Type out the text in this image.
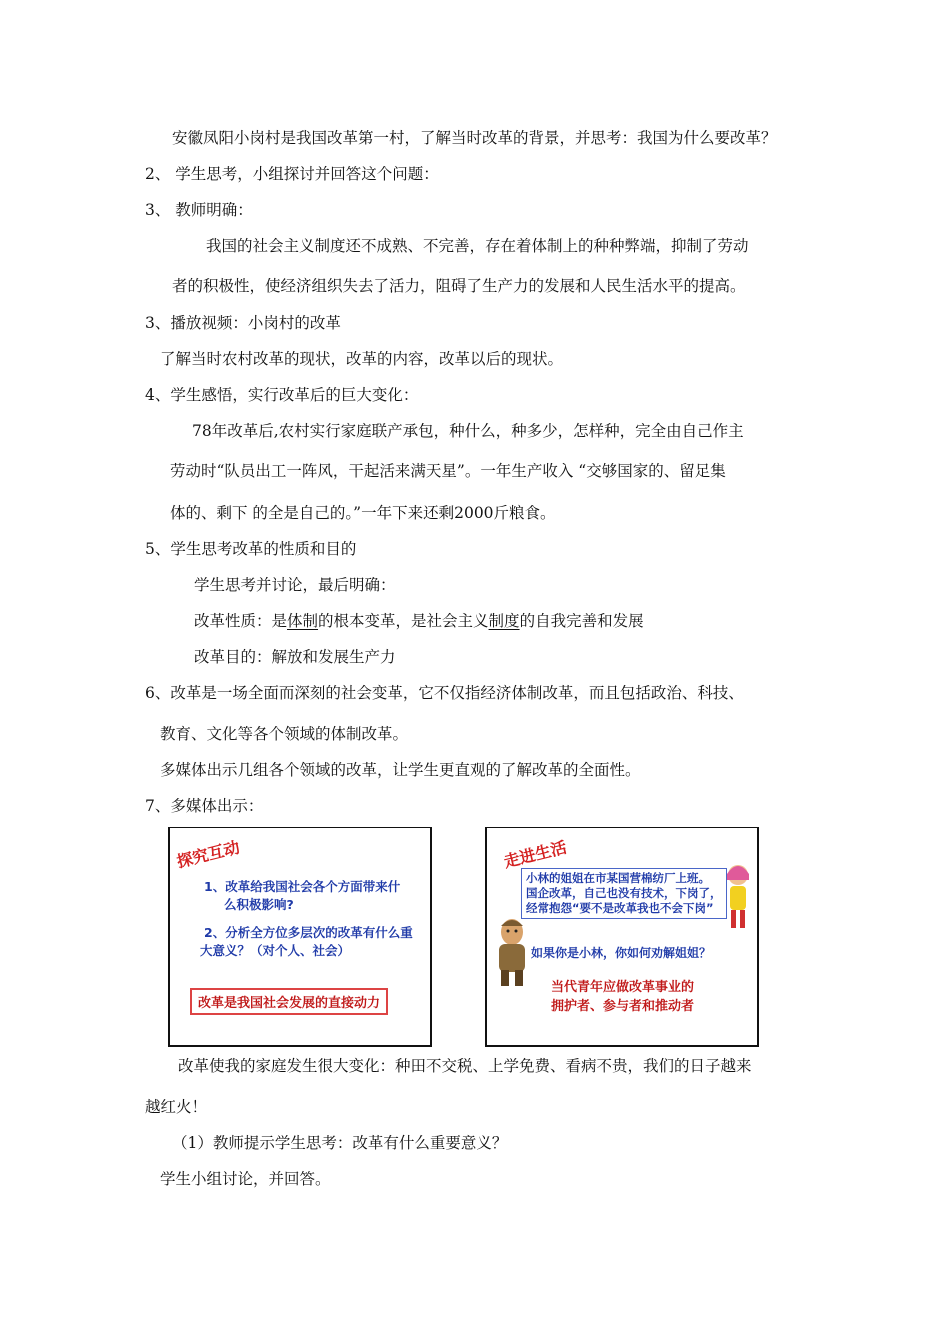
安徽凤阳小岗村是我国改革第一村，了解当时改革的背景，并思考：我国为什么要改革？
2、 学生思考，小组探讨并回答这个问题：
3、 教师明确：
我国的社会主义制度还不成熟、不完善，存在着体制上的种种弊端，抑制了劳动
者的积极性，使经济组织失去了活力，阻碍了生产力的发展和人民生活水平的提高。
3、播放视频：小岗村的改革
了解当时农村改革的现状，改革的内容，改革以后的现状。
4、学生感悟，实行改革后的巨大变化：
78年改革后,农村实行家庭联产承包，种什么，种多少，怎样种，完全由自己作主
劳动时“队员出工一阵风，干起活来满天星”。一年生产收入 “交够国家的、留足集
体的、剩下 的全是自己的。”一年下来还剩2000斤粮食。
5、学生思考改革的性质和目的
学生思考并讨论，最后明确：
改革性质：是体制的根本变革，是社会主义制度的自我完善和发展
改革目的：解放和发展生产力
6、改革是一场全面而深刻的社会变革，它不仅指经济体制改革，而且包括政治、科技、
教育、文化等各个领域的体制改革。
多媒体出示几组各个领域的改革，让学生更直观的了解改革的全面性。
7、多媒体出示：
探究互动
1、改革给我国社会各个方面带来什
么积极影响?
2、分析全方位多层次的改革有什么重
大意义？（对个人、社会）
改革是我国社会发展的直接动力
走进生活
小林的姐姐在市某国营棉纺厂上班。
国企改革，自己也没有技术，下岗了，
经常抱怨“要不是改革我也不会下岗”
如果你是小林，你如何劝解姐姐？
当代青年应做改革事业的
拥护者、参与者和推动者
改革使我的家庭发生很大变化：种田不交税、上学免费、看病不贵，我们的日子越来
越红火！
（1）教师提示学生思考：改革有什么重要意义？
学生小组讨论，并回答。
